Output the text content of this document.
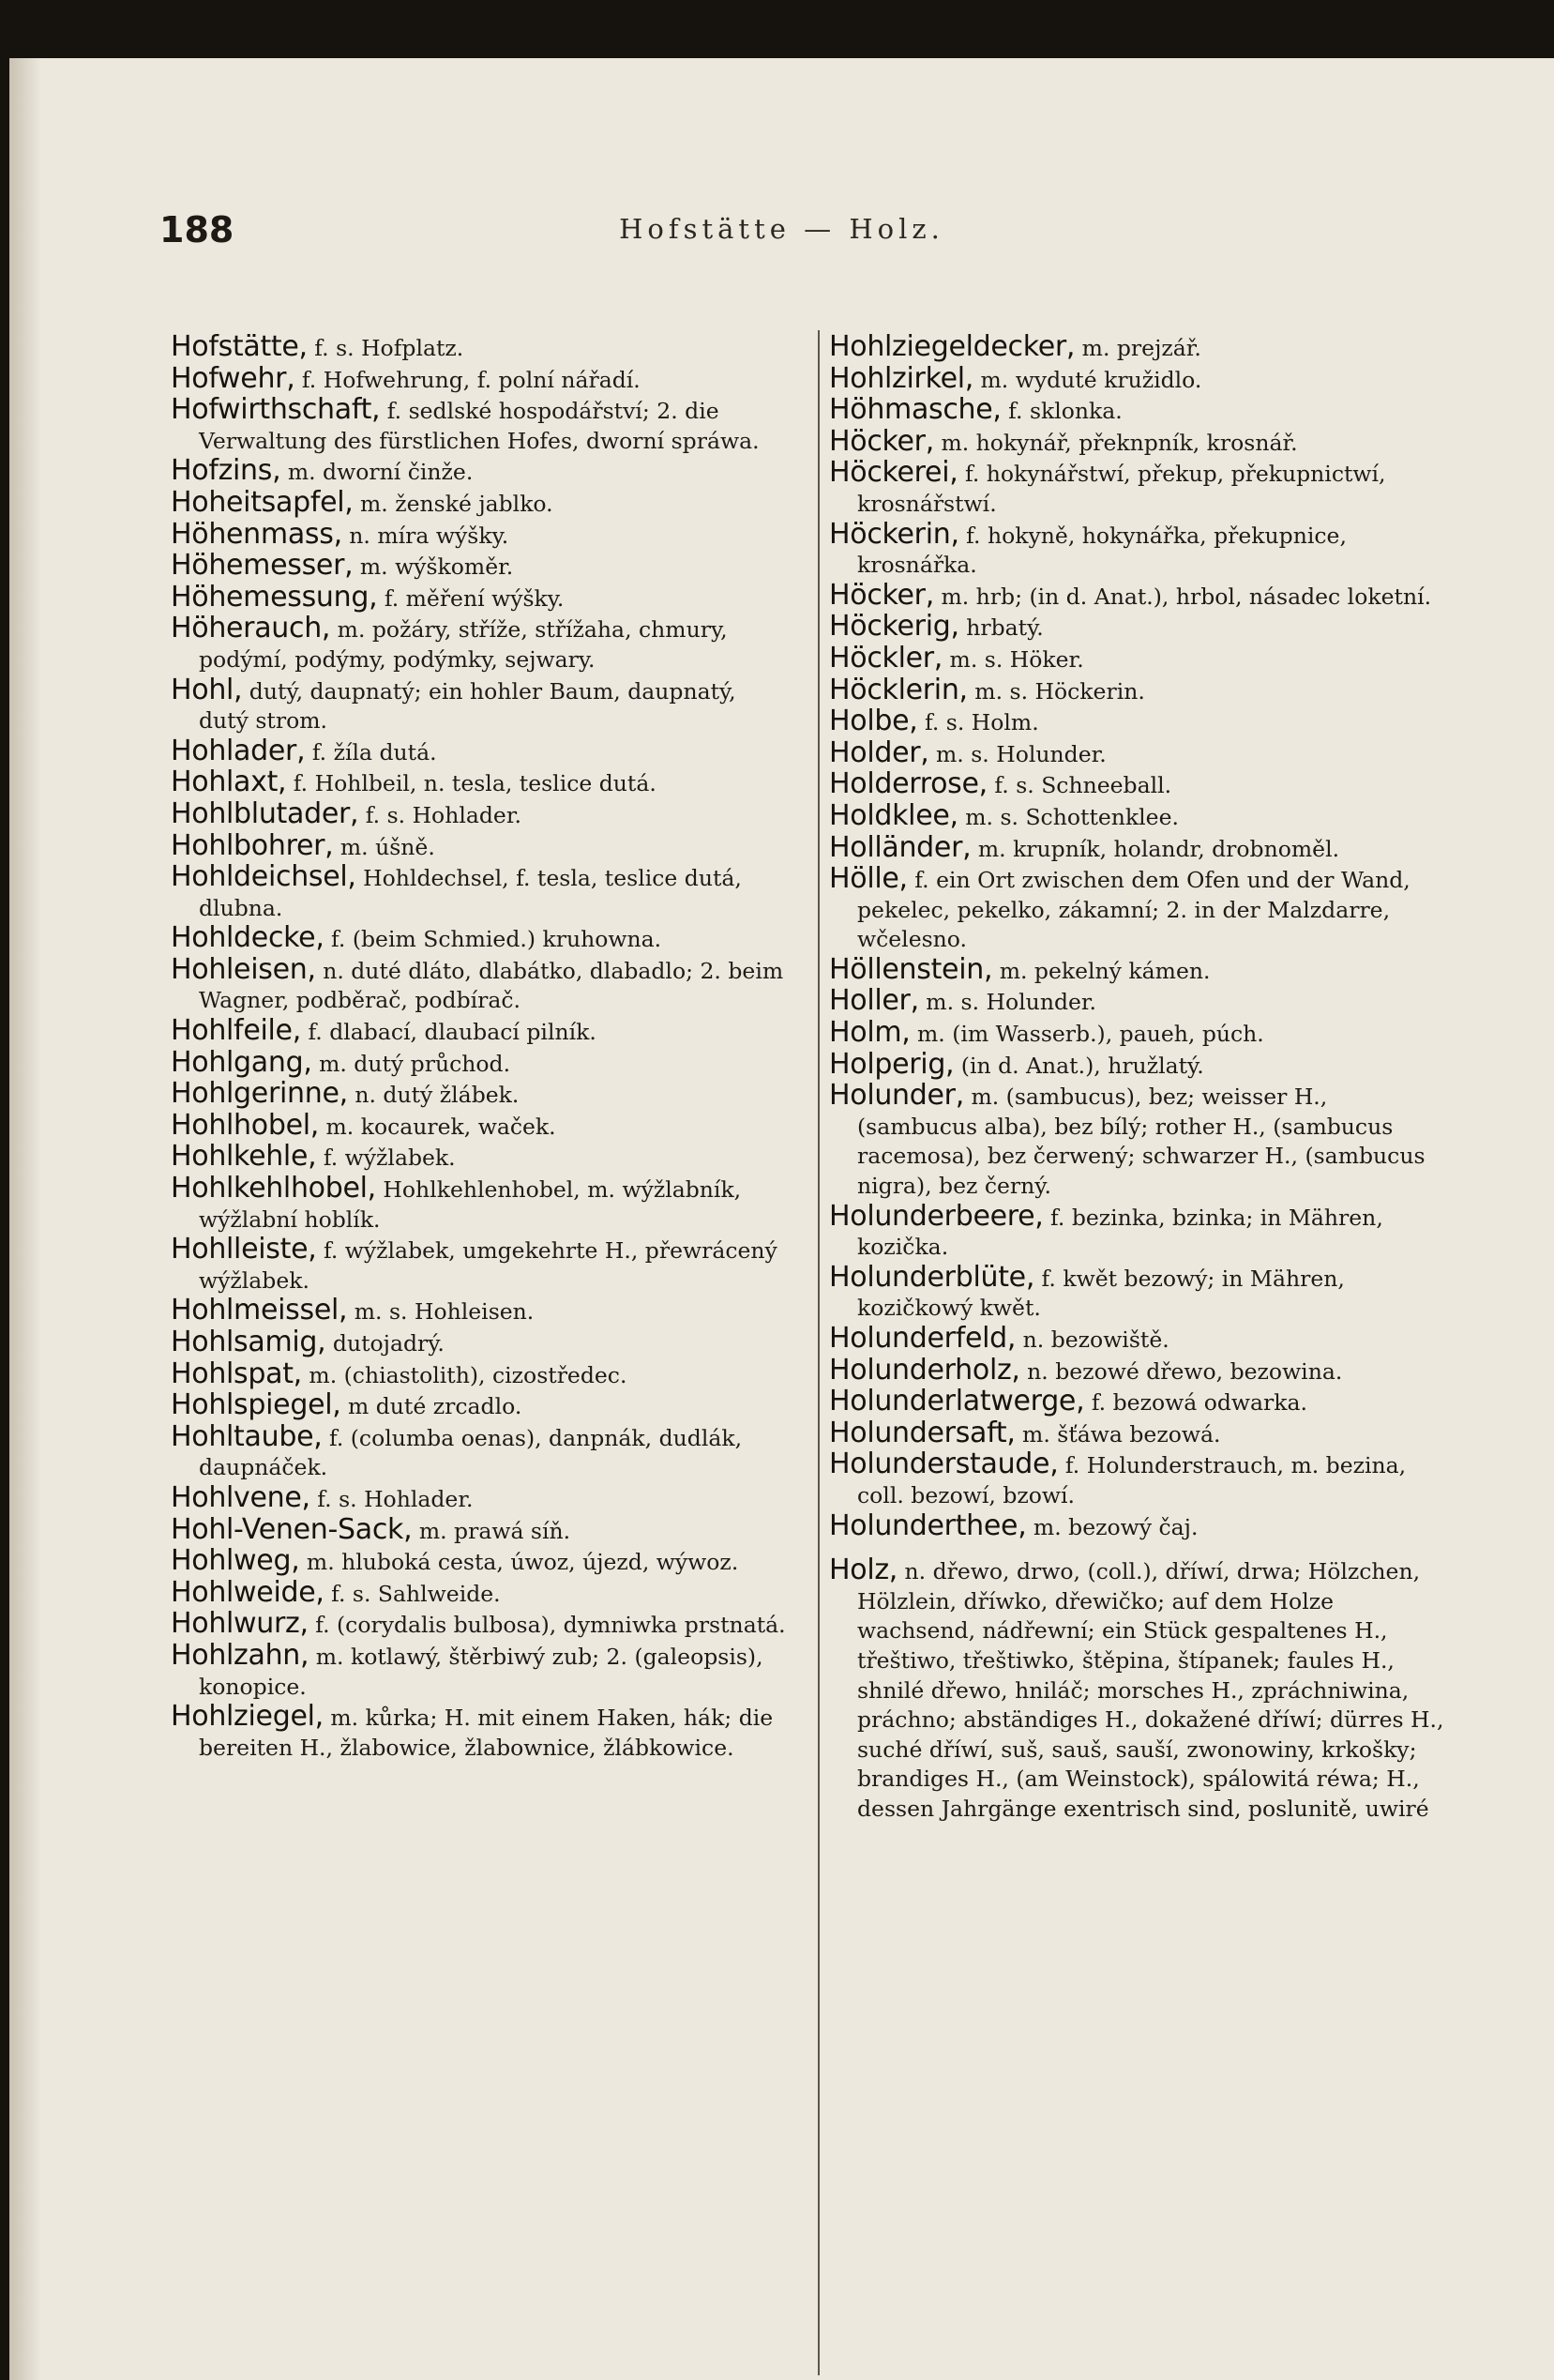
188	Hofstätte — Holz.
Hofstätte, f. s. Hofplatz.
Hofwehr, f. Hofwehrung, f. polní nářadí.
Hofwirthschaft, f. sedlské hospodářství; 2. die Verwaltung des fürstlichen Hofes, dworní spráwa.
Hofzins, m. dworní činže.
Hoheitsapfel, m. ženské jablko.
Höhenmass, n. míra wýšky.
Höhemesser, m. wýškoměr.
Höhemessung, f. měření wýšky.
Höherauch, m. požáry, stříže, střížaha, chmury, podýmí, podýmy, podýmky, sejwary.
Hohl, dutý, daupnatý; ein hohler Baum, daupnatý, dutý strom.
Hohlader, f. žíla dutá.
Hohlaxt, f. Hohlbeil, n. tesla, teslice dutá.
Hohlblutader, f. s. Hohlader.
Hohlbohrer, m. úšně.
Hohldeichsel, Hohldechsel, f. tesla, teslice dutá, dlubna.
Hohldecke, f. (beim Schmied.) kruhowna.
Hohleisen, n. duté dláto, dlabátko, dlabadlo; 2. beim Wagner, podběrač, podbírač.
Hohlfeile, f. dlabací, dlaubací pilník.
Hohlgang, m. dutý průchod.
Hohlgerinne, n. dutý žlábek.
Hohlhobel, m. kocaurek, waček.
Hohlkehle, f. wýžlabek.
Hohlkehlhobel, Hohlkehlenhobel, m. wýžlabník, wýžlabní hoblík.
Hohlleiste, f. wýžlabek, umgekehrte H., přewrácený wýžlabek.
Hohlmeissel, m. s. Hohleisen.
Hohlsamig, dutojadrý.
Hohlspat, m. (chiastolith), cizostředec.
Hohlspiegel, m duté zrcadlo.
Hohltaube, f. (columba oenas), danpnák, dudlák, daupnáček.
Hohlvene, f. s. Hohlader.
Hohl-Venen-Sack, m. prawá síň.
Hohlweg, m. hluboká cesta, úwoz, újezd, wýwoz.
Hohlweide, f. s. Sahlweide.
Hohlwurz, f. (corydalis bulbosa), dymniwka prstnatá.
Hohlzahn, m. kotlawý, štěrbiwý zub; 2. (galeopsis), konopice.
Hohlziegel, m. kůrka; H. mit einem Haken, hák; die bereiten H., žlabowice, žlabownice, žlábkowice.
Hohlziegeldecker, m. prejzář.
Hohlzirkel, m. wyduté kružidlo.
Höhmasche, f. sklonka.
Höcker, m. hokynář, překnpník, krosnář.
Höckerei, f. hokynářstwí, překup, překupnictwí, krosnářstwí.
Höckerin, f. hokyně, hokynářka, překupnice, krosnářka.
Höcker, m. hrb; (in d. Anat.), hrbol, násadec loketní.
Höckerig, hrbatý.
Höckler, m. s. Höker.
Höcklerin, m. s. Höckerin.
Holbe, f. s. Holm.
Holder, m. s. Holunder.
Holderrose, f. s. Schneeball.
Holdklee, m. s. Schottenklee.
Holländer, m. krupník, holandr, drobnoměl.
Hölle, f. ein Ort zwischen dem Ofen und der Wand, pekelec, pekelko, zákamní; 2. in der Malzdarre, wčelesno.
Höllenstein, m. pekelný kámen.
Holler, m. s. Holunder.
Holm, m. (im Wasserb.), paueh, púch.
Holperig, (in d. Anat.), hružlatý.
Holunder, m. (sambucus), bez; weisser H., (sambucus alba), bez bílý; rother H., (sambucus racemosa), bez čerwený; schwarzer H., (sambucus nigra), bez černý.
Holunderbeere, f. bezinka, bzinka; in Mähren, kozička.
Holunderblüte, f. kwět bezowý; in Mähren, kozičkowý kwět.
Holunderfeld, n. bezowiště.
Holunderholz, n. bezowé dřewo, bezowina.
Holunderlatwerge, f. bezowá odwarka.
Holundersaft, m. šťáwa bezowá.
Holunderstaude, f. Holunderstrauch, m. bezina, coll. bezowí, bzowí.
Holunderthee, m. bezowý čaj.
Holz, n. dřewo, drwo, (coll.), dříwí, drwa; Hölzchen, Hölzlein, dříwko, dřewičko; auf dem Holze wachsend, nádřewní; ein Stück gespaltenes H., třeštiwo, třeštiwko, štěpina, štípanek; faules H., shnilé dřewo, hniláč; morsches H., zpráchniwina, práchno; abständiges H., dokažené dříwí; dürres H., suché dříwí, suš, sauš, sauší, zwonowiny, krkošky; brandiges H., (am Weinstock), spálowitá réwa; H., dessen Jahrgänge exentrisch sind, poslunitě, uwiré
